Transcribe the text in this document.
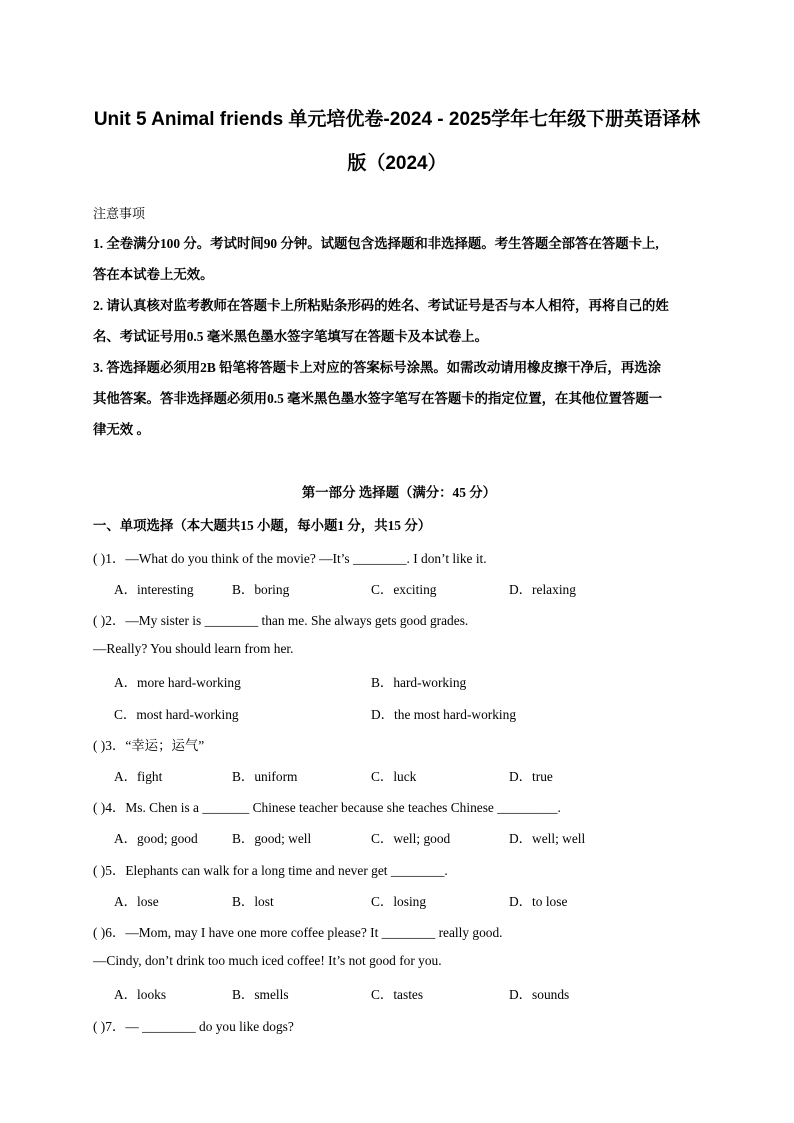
Unit 5 Animal friends 单元培优卷-2024 - 2025学年七年级下册英语译林
版（2024）
注意事项
1. 全卷满分100 分。考试时间90 分钟。试题包含选择题和非选择题。考生答题全部答在答题卡上,
答在本试卷上无效。
2. 请认真核对监考教师在答题卡上所粘贴条形码的姓名、考试证号是否与本人相符，再将自己的姓
名、考试证号用0.5 毫米黑色墨水签字笔填写在答题卡及本试卷上。
3. 答选择题必须用2B 铅笔将答题卡上对应的答案标号涂黑。如需改动请用橡皮擦干净后，再选涂
其他答案。答非选择题必须用0.5 毫米黑色墨水签字笔写在答题卡的指定位置，在其他位置答题一
律无效 。
第一部分 选择题（满分：45 分）
一、单项选择（本大题共15 小题，每小题1 分，共15 分）
( )1．—What do you think of the movie? —It’s ________. I don’t like it.
A．interesting	B．boring	C．exciting	D．relaxing
( )2．—My sister is ________ than me. She always gets good grades.
—Really? You should learn from her.
A．more hard-working	B．hard-working
C．most hard-working	D．the most hard-working
( )3．“幸运；运气”
A．fight	B．uniform	C．luck	D．true
( )4．Ms. Chen is a _______ Chinese teacher because she teaches Chinese _________.
A．good; good	B．good; well	C．well; good	D．well; well
( )5．Elephants can walk for a long time and never get ________.
A．lose	B．lost	C．losing	D．to lose
( )6．—Mom, may I have one more coffee please? It ________ really good.
—Cindy, don’t drink too much iced coffee! It’s not good for you.
A．looks	B．smells	C．tastes	D．sounds
( )7．— ________ do you like dogs?
